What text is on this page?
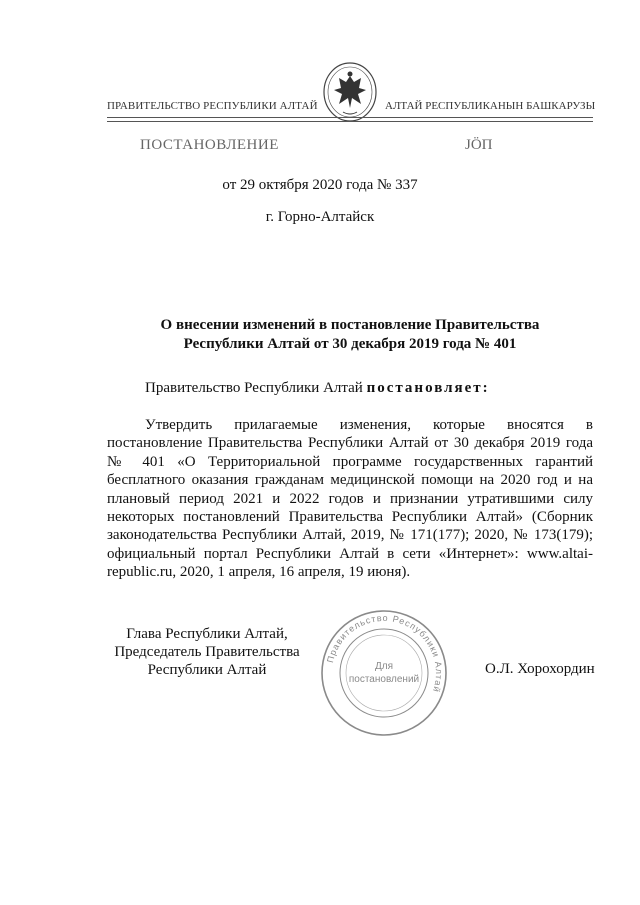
ПРАВИТЕЛЬСТВО РЕСПУБЛИКИ АЛТАЙ	АЛТАЙ РЕСПУБЛИКАНЫН БАШКАРУЗЫ
ПОСТАНОВЛЕНИЕ	JÖП
от 29 октября 2020 года № 337
г. Горно-Алтайск
О внесении изменений в постановление Правительства
Республики Алтай от 30 декабря 2019 года № 401
Правительство Республики Алтай постановляет:
Утвердить прилагаемые изменения, которые вносятся в постановление Правительства Республики Алтай от 30 декабря 2019 года № 401 «О Территориальной программе государственных гарантий бесплатного оказания гражданам медицинской помощи на 2020 год и на плановый период 2021 и 2022 годов и признании утратившими силу некоторых постановлений Правительства Республики Алтай» (Сборник законодательства Республики Алтай, 2019, № 171(177); 2020, № 173(179); официальный портал Республики Алтай в сети «Интернет»: www.altai-republic.ru, 2020, 1 апреля, 16 апреля, 19 июня).
Глава Республики Алтай,
Председатель Правительства
Республики Алтай
Правительство Республики Алтай
Для
постановлений
О.Л. Хорохордин
